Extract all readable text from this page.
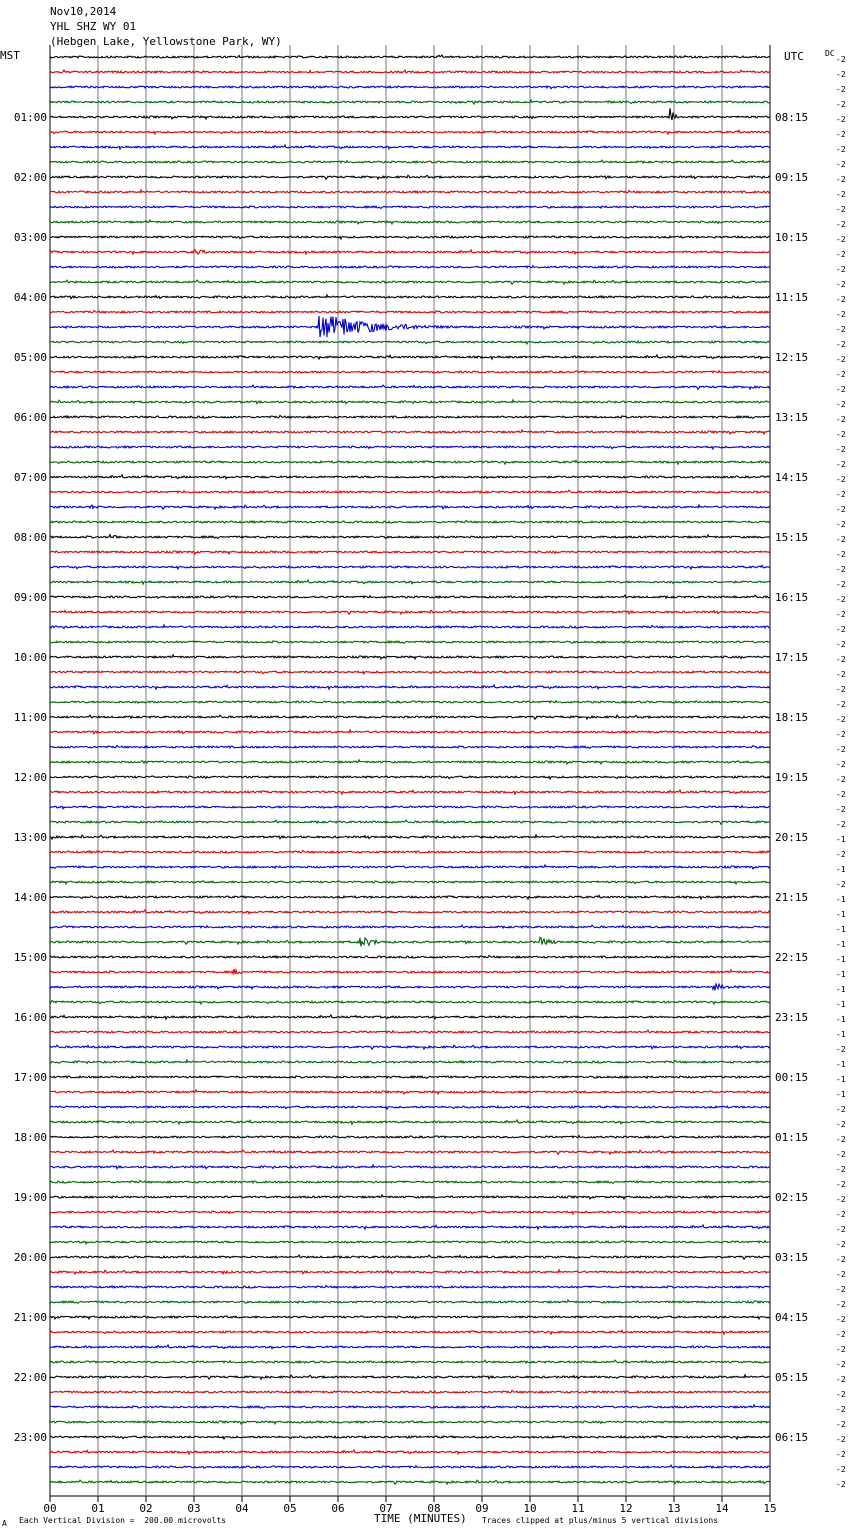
Nov10,2014
YHL SHZ WY 01
(Hebgen Lake, Yellowstone Park, WY)
MST	UTC	DC
-2
-2
-2
-2
-2
-2
-2
-2
-2
-2
-2
-2
-2
-2
-2
-2
-2
-2
-2
-2
-2
-2
-2
-2
-2
-2
-2
-2
-2
-2
-2
-2
-2
-2
-2
-2
-2
-2
-2
-2
-2
-2
-2
-2
-2
-2
-2
-2
-2
-2
-2
-2
-1
-2
-1
-2
-1
-1
-1
-1
-1
-1
-1
-1
-1
-1
-2
-1
-1
-1
-2
-2
-2
-2
-2
-2
-2
-2
-2
-2
-2
-2
-2
-2
-2
-2
-2
-2
-2
-2
-2
-2
-2
-2
-2
-2
01:00
02:00
03:00
04:00
05:00
06:00
07:00
08:00
09:00
10:00
11:00
12:00
13:00
14:00
15:00
16:00
17:00
18:00
19:00
20:00
21:00
22:00
23:00
08:15
09:15
10:15
11:15
12:15
13:15
14:15
15:15
16:15
17:15
18:15
19:15
20:15
21:15
22:15
23:15
00:15
01:15
02:15
03:15
04:15
05:15
06:15
00	01	02	03	04	05	06	07	08	09	10	11	12	13	14	15
A Each Vertical Division =  200.00 microvolts	TIME (MINUTES) Traces clipped at plus/minus 5 vertical divisions
